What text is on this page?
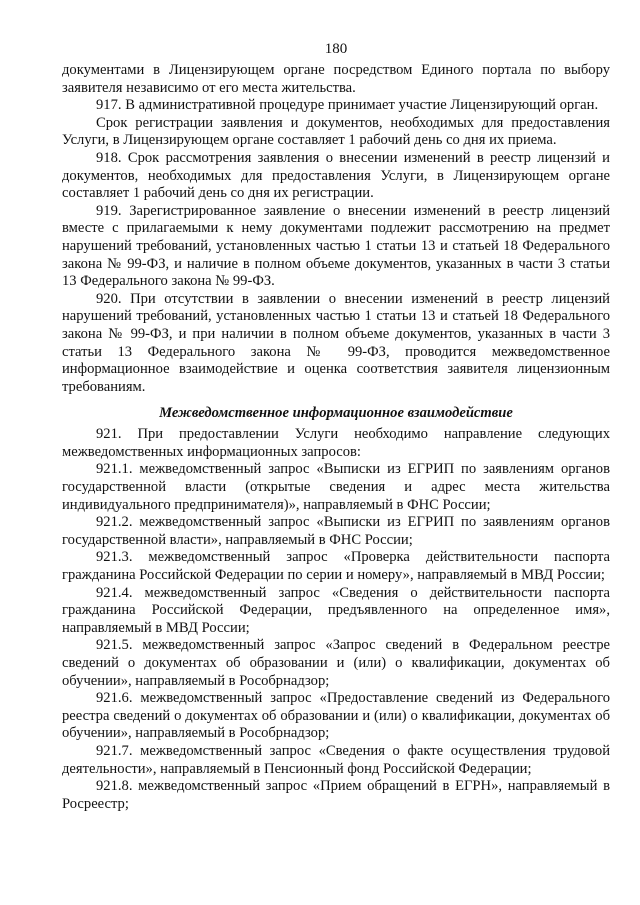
180

документами в Лицензирующем органе посредством Единого портала по выбору заявителя независимо от его места жительства.

917. В административной процедуре принимает участие Лицензирующий орган.

Срок регистрации заявления и документов, необходимых для предоставления Услуги, в Лицензирующем органе составляет 1 рабочий день со дня их приема.

918. Срок рассмотрения заявления о внесении изменений в реестр лицензий и документов, необходимых для предоставления Услуги, в Лицензирующем органе составляет 1 рабочий день со дня их регистрации.

919. Зарегистрированное заявление о внесении изменений в реестр лицензий вместе с прилагаемыми к нему документами подлежит рассмотрению на предмет нарушений требований, установленных частью 1 статьи 13 и статьей 18 Федерального закона № 99-ФЗ, и наличие в полном объеме документов, указанных в части 3 статьи 13 Федерального закона № 99-ФЗ.

920. При отсутствии в заявлении о внесении изменений в реестр лицензий нарушений требований, установленных частью 1 статьи 13 и статьей 18 Федерального закона № 99-ФЗ, и при наличии в полном объеме документов, указанных в части 3 статьи 13 Федерального закона № 99-ФЗ, проводится межведомственное информационное взаимодействие и оценка соответствия заявителя лицензионным требованиям.

Межведомственное информационное взаимодействие

921. При предоставлении Услуги необходимо направление следующих межведомственных информационных запросов:

921.1. межведомственный запрос «Выписки из ЕГРИП по заявлениям органов государственной власти (открытые сведения и адрес места жительства индивидуального предпринимателя)», направляемый в ФНС России;

921.2. межведомственный запрос «Выписки из ЕГРИП по заявлениям органов государственной власти», направляемый в ФНС России;

921.3. межведомственный запрос «Проверка действительности паспорта гражданина Российской Федерации по серии и номеру», направляемый в МВД России;

921.4. межведомственный запрос «Сведения о действительности паспорта гражданина Российской Федерации, предъявленного на определенное имя», направляемый в МВД России;

921.5. межведомственный запрос «Запрос сведений в Федеральном реестре сведений о документах об образовании и (или) о квалификации, документах об обучении», направляемый в Рособрнадзор;

921.6. межведомственный запрос «Предоставление сведений из Федерального реестра сведений о документах об образовании и (или) о квалификации, документах об обучении», направляемый в Рособрнадзор;

921.7. межведомственный запрос «Сведения о факте осуществления трудовой деятельности», направляемый в Пенсионный фонд Российской Федерации;

921.8. межведомственный запрос «Прием обращений в ЕГРН», направляемый в Росреестр;
